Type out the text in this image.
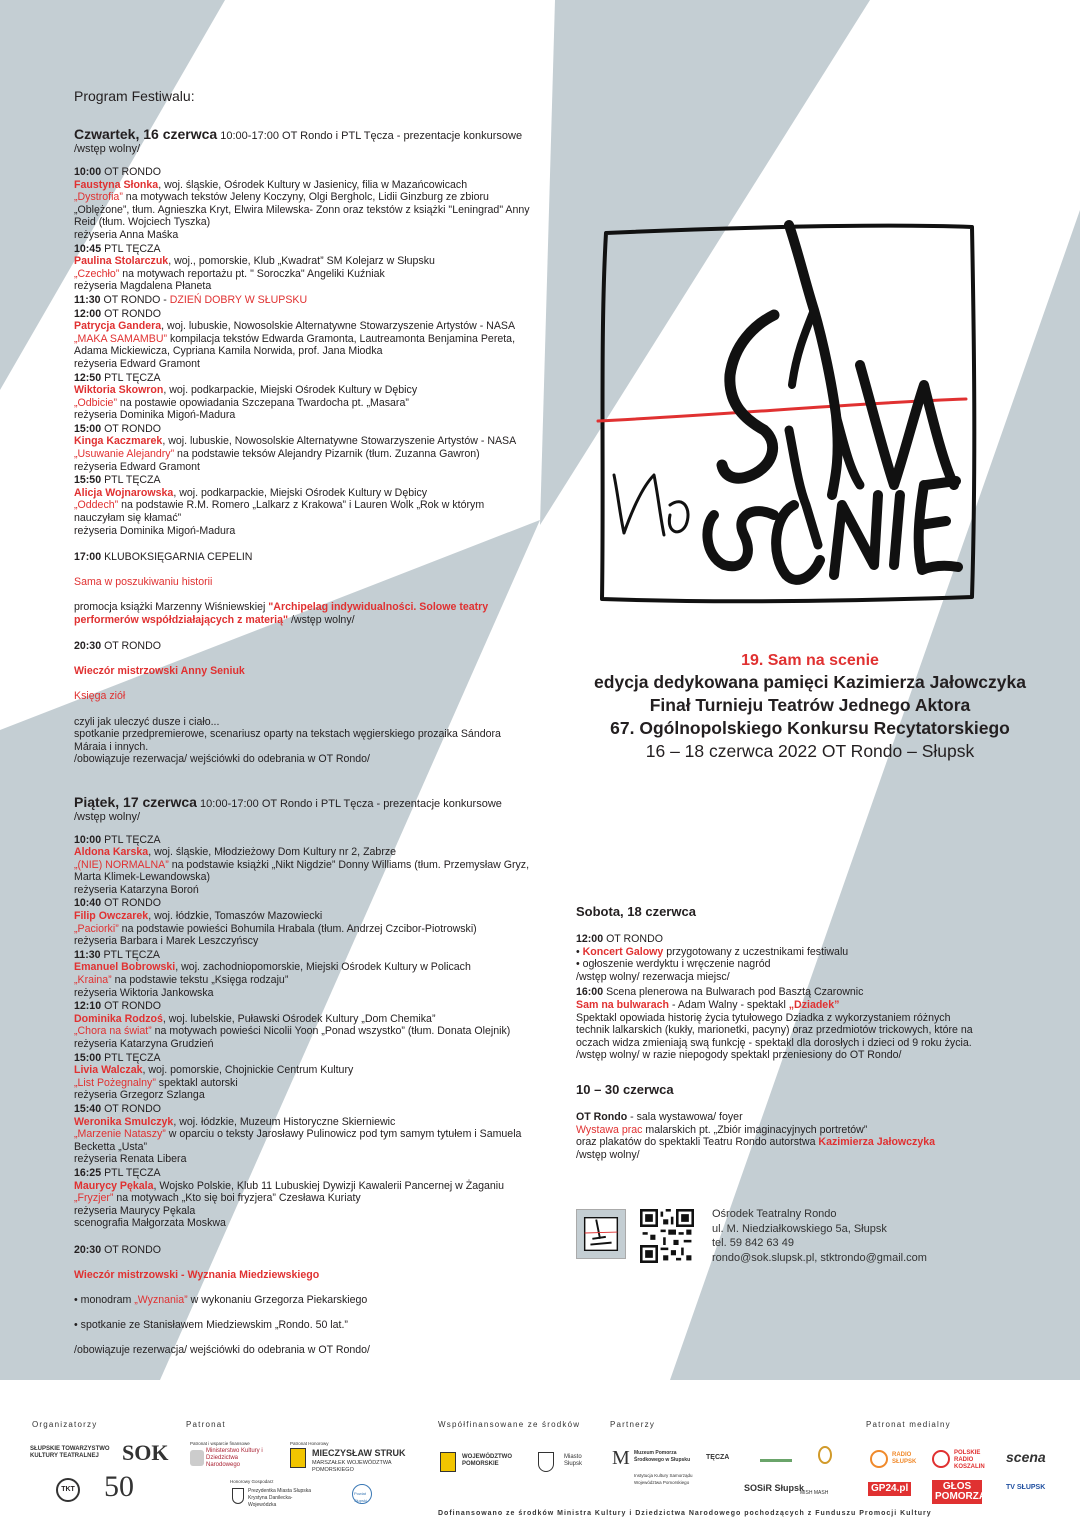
Program Festiwalu:
Czwartek, 16 czerwca 10:00-17:00 OT Rondo i PTL Tęcza - prezentacje konkursowe /wstęp wolny/
10:00 OT RONDO
Faustyna Słonka, woj. śląskie, Ośrodek Kultury w Jasienicy, filia w Mazańcowicach
„Dystrofia” na motywach tekstów Jeleny Koczyny, Olgi Bergholc, Lidii Ginzburg ze zbioru „Oblężone”, tłum. Agnieszka Kryt, Elwira Milewska- Zonn oraz tekstów z książki "Leningrad" Anny Reid (tłum. Wojciech Tyszka)
reżyseria Anna Maśka
10:45 PTL TĘCZA
Paulina Stolarczuk, woj., pomorskie, Klub „Kwadrat” SM Kolejarz w Słupsku
„Czechło” na motywach reportażu pt. " Soroczka" Angeliki Kuźniak
reżyseria Magdalena Płaneta
11:30 OT RONDO - DZIEŃ DOBRY W SŁUPSKU
12:00 OT RONDO
Patrycja Gandera, woj. lubuskie, Nowosolskie Alternatywne Stowarzyszenie Artystów - NASA
„MAKA SAMAMBU” kompilacja tekstów Edwarda Gramonta, Lautreamonta Benjamina Pereta, Adama Mickiewicza, Cypriana Kamila Norwida, prof. Jana Miodka
reżyseria Edward Gramont
12:50 PTL TĘCZA
Wiktoria Skowron, woj. podkarpackie, Miejski Ośrodek Kultury w Dębicy
„Odbicie” na postawie opowiadania Szczepana Twardocha pt. „Masara”
reżyseria Dominika Migoń-Madura
15:00 OT RONDO
Kinga Kaczmarek, woj. lubuskie, Nowosolskie Alternatywne Stowarzyszenie Artystów - NASA
„Usuwanie Alejandry” na podstawie teksów Alejandry Pizarnik (tłum. Zuzanna Gawron)
reżyseria Edward Gramont
15:50 PTL TĘCZA
Alicja Wojnarowska, woj. podkarpackie, Miejski Ośrodek Kultury w Dębicy
„Oddech” na podstawie R.M. Romero „Lalkarz z Krakowa” i Lauren Wolk „Rok w którym nauczyłam się kłamać”
reżyseria Dominika Migoń-Madura

17:00 KLUBOKSIĘGARNIA CEPELIN

Sama w poszukiwaniu historii

promocja książki Marzenny Wiśniewskiej "Archipelag indywidualności. Solowe teatry performerów współdziałających z materią" /wstęp wolny/

20:30 OT RONDO

Wieczór mistrzowski Anny Seniuk

Księga ziół

czyli jak uleczyć dusze i ciało...
spotkanie przedpremierowe, scenariusz oparty na tekstach węgierskiego prozaika Sándora Máraia i innych.
/obowiązuje rezerwacja/ wejściówki do odebrania w OT Rondo/

Piątek, 17 czerwca 10:00-17:00 OT Rondo i PTL Tęcza - prezentacje konkursowe /wstęp wolny/
10:00 PTL TĘCZA
Aldona Karska, woj. śląskie, Młodzieżowy Dom Kultury nr 2, Zabrze
„(NIE) NORMALNA” na podstawie książki „Nikt Nigdzie” Donny Williams (tłum. Przemysław Gryz, Marta Klimek-Lewandowska)
reżyseria Katarzyna Boroń
10:40 OT RONDO
Filip Owczarek, woj. łódzkie, Tomaszów Mazowiecki
„Paciorki” na podstawie powieści Bohumila Hrabala (tłum. Andrzej Czcibor-Piotrowski)
reżyseria Barbara i Marek Leszczyńscy
11:30 PTL TĘCZA
Emanuel Bobrowski, woj. zachodniopomorskie, Miejski Ośrodek Kultury w Policach
„Kraina” na podstawie tekstu „Księga rodzaju”
reżyseria Wiktoria Jankowska
12:10 OT RONDO
Dominika Rodzoś, woj. lubelskie, Puławski Ośrodek Kultury „Dom Chemika”
„Chora na świat” na motywach powieści Nicolii Yoon „Ponad wszystko” (tłum. Donata Olejnik)
reżyseria Katarzyna Grudzień
15:00 PTL TĘCZA
Livia Walczak, woj. pomorskie, Chojnickie Centrum Kultury
„List Pożegnalny” spektakl autorski
reżyseria Grzegorz Szlanga
15:40 OT RONDO
Weronika Smulczyk, woj. łódzkie, Muzeum Historyczne Skierniewic
„Marzenie Nataszy” w oparciu o teksty Jarosławy Pulinowicz pod tym samym tytułem i Samuela Becketta „Usta”
reżyseria Renata Libera
16:25 PTL TĘCZA
Maurycy Pękala, Wojsko Polskie, Klub 11 Lubuskiej Dywizji Kawalerii Pancernej w Żaganiu
„Fryzjer” na motywach „Kto się boi fryzjera” Czesława Kuriaty
reżyseria Maurycy Pękala
scenografia Małgorzata Moskwa

20:30 OT RONDO

Wieczór mistrzowski - Wyznania Miedziewskiego

• monodram „Wyznania” w wykonaniu Grzegorza Piekarskiego

• spotkanie ze Stanisławem Miedziewskim „Rondo. 50 lat.”

/obowiązuje rezerwacja/ wejściówki do odebrania w OT Rondo/

19. Sam na scenie
edycja dedykowana pamięci Kazimierza Jałowczyka
Finał Turnieju Teatrów Jednego Aktora
67. Ogólnopolskiego Konkursu Recytatorskiego
16 – 18 czerwca 2022 OT Rondo – Słupsk
Sobota, 18 czerwca
12:00 OT RONDO
• Koncert Galowy przygotowany z uczestnikami festiwalu
• ogłoszenie werdyktu i wręczenie nagród
/wstęp wolny/ rezerwacja miejsc/
16:00 Scena plenerowa na Bulwarach pod Basztą Czarownic
Sam na bulwarach - Adam Walny - spektakl „Dziadek”
Spektakl opowiada historię życia tytułowego Dziadka z wykorzystaniem różnych technik lalkarskich (kukły, marionetki, pacyny) oraz przedmiotów trickowych, które na oczach widza zmieniają swą funkcję - spektakl dla dorosłych i dzieci od 9 roku życia.
/wstęp wolny/ w razie niepogody spektakl przeniesiony do OT Rondo/
10 – 30 czerwca
OT Rondo - sala wystawowa/ foyer
Wystawa prac malarskich pt. „Zbiór imaginacyjnych portretów”
oraz plakatów do spektakli Teatru Rondo autorstwa Kazimierza Jałowczyka
/wstęp wolny/
Ośrodek Teatralny Rondo
ul. M. Niedziałkowskiego 5a, Słupsk
tel. 59 842 63 49
rondo@sok.slupsk.pl, stktrondo@gmail.com
Organizatorzy	Patronat	Współfinansowane ze środków	Partnerzy	Patronat medialny
SŁUPSKIE TOWARZYSTWO KULTURY TEATRALNEJ	SOK
TKT 50
Patronat i wsparcie finansowe
Ministerstwo Kultury i Dziedzictwa Narodowego
Patronat Honorowy
MIECZYSŁAW STRUK
MARSZAŁEK WOJEWÓDZTWA POMORSKIEGO
Honorowy Gospodarz
Prezydentka Miasta Słupska Krystyna Danilecka-Wojewódzka
Powiat Słupski
WOJEWÓDZTWO POMORSKIE
Miasto Słupsk	M Muzeum Pomorza Środkowego w Słupsku
Instytucja Kultury Samorządu Województwa Pomorskiego
TĘCZA
SOSiR Słupsk
MISH MASH
RADIO SŁUPSK
POLSKIE RADIO KOSZALIN
scena
GP24.pl	GŁOS POMORZA
TV SŁUPSK
Dofinansowano ze środków Ministra Kultury i Dziedzictwa Narodowego pochodzących z Funduszu Promocji Kultury
